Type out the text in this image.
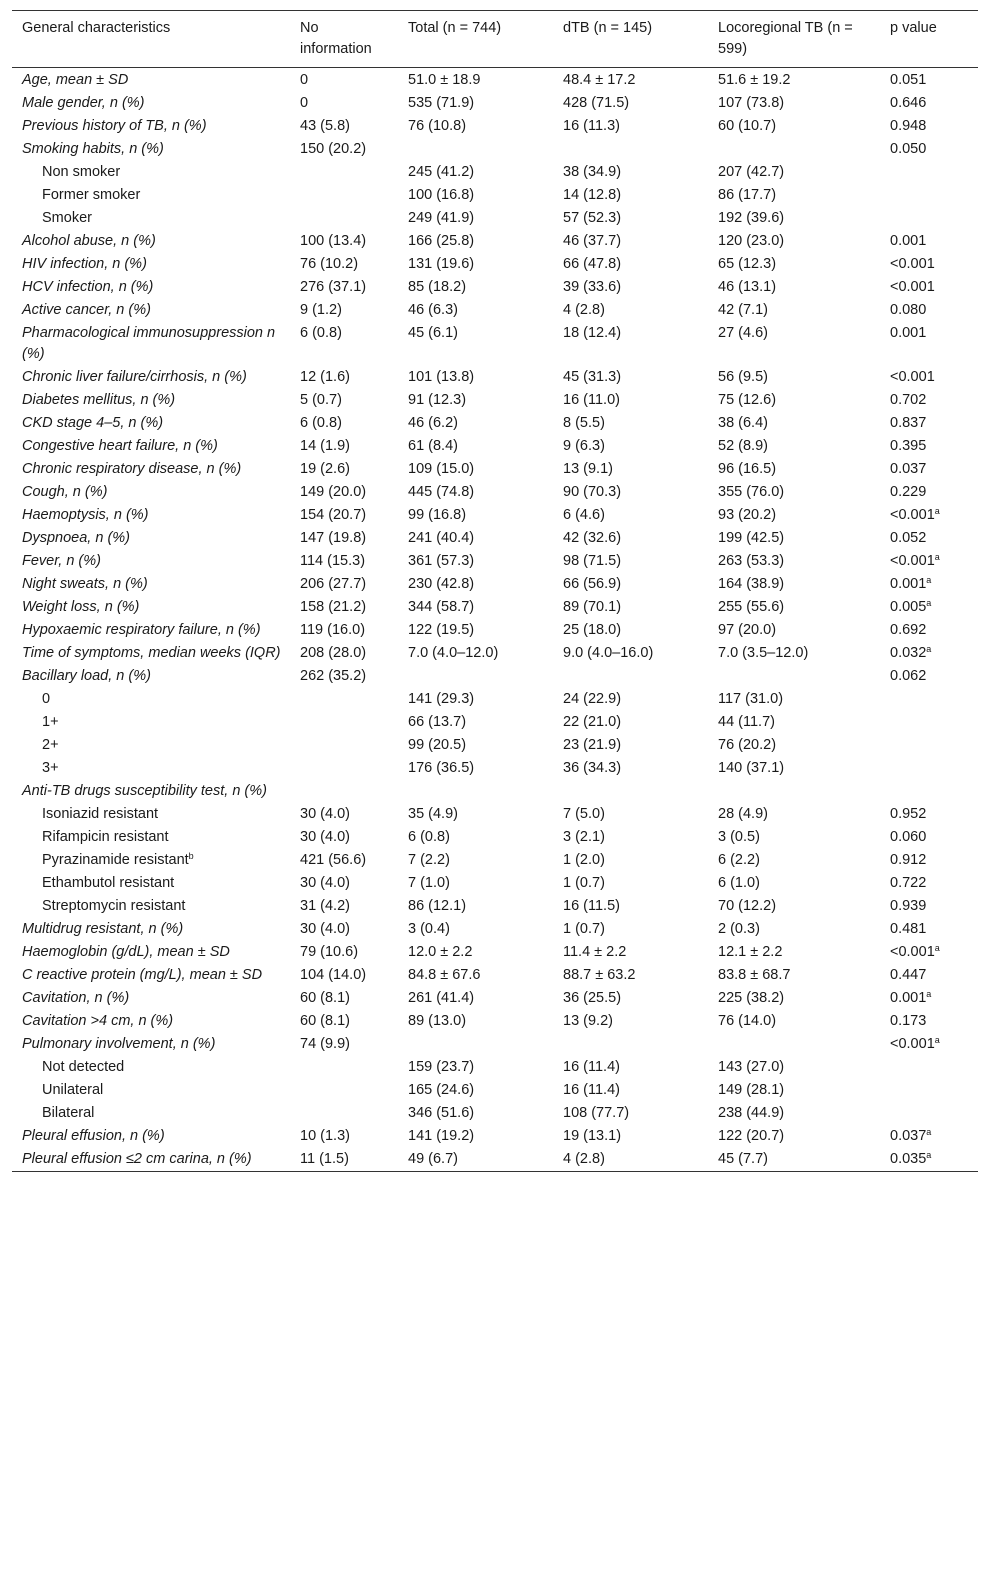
General characteristics	No information	Total (n = 744)	dTB (n = 145)	Locoregional TB (n = 599)	p value
Age, mean ± SD	0	51.0 ± 18.9	48.4 ± 17.2	51.6 ± 19.2	0.051
Male gender, n (%)	0	535 (71.9)	428 (71.5)	107 (73.8)	0.646
Previous history of TB, n (%)	43 (5.8)	76 (10.8)	16 (11.3)	60 (10.7)	0.948
Smoking habits, n (%)	150 (20.2)				0.050
Non smoker		245 (41.2)	38 (34.9)	207 (42.7)	
Former smoker		100 (16.8)	14 (12.8)	86 (17.7)	
Smoker		249 (41.9)	57 (52.3)	192 (39.6)	
Alcohol abuse, n (%)	100 (13.4)	166 (25.8)	46 (37.7)	120 (23.0)	0.001
HIV infection, n (%)	76 (10.2)	131 (19.6)	66 (47.8)	65 (12.3)	<0.001
HCV infection, n (%)	276 (37.1)	85 (18.2)	39 (33.6)	46 (13.1)	<0.001
Active cancer, n (%)	9 (1.2)	46 (6.3)	4 (2.8)	42 (7.1)	0.080
Pharmacological immunosuppression n (%)	6 (0.8)	45 (6.1)	18 (12.4)	27 (4.6)	0.001
Chronic liver failure/cirrhosis, n (%)	12 (1.6)	101 (13.8)	45 (31.3)	56 (9.5)	<0.001
Diabetes mellitus, n (%)	5 (0.7)	91 (12.3)	16 (11.0)	75 (12.6)	0.702
CKD stage 4–5, n (%)	6 (0.8)	46 (6.2)	8 (5.5)	38 (6.4)	0.837
Congestive heart failure, n (%)	14 (1.9)	61 (8.4)	9 (6.3)	52 (8.9)	0.395
Chronic respiratory disease, n (%)	19 (2.6)	109 (15.0)	13 (9.1)	96 (16.5)	0.037
Cough, n (%)	149 (20.0)	445 (74.8)	90 (70.3)	355 (76.0)	0.229
Haemoptysis, n (%)	154 (20.7)	99 (16.8)	6 (4.6)	93 (20.2)	<0.001$^a$
Dyspnoea, n (%)	147 (19.8)	241 (40.4)	42 (32.6)	199 (42.5)	0.052
Fever, n (%)	114 (15.3)	361 (57.3)	98 (71.5)	263 (53.3)	<0.001$^a$
Night sweats, n (%)	206 (27.7)	230 (42.8)	66 (56.9)	164 (38.9)	0.001$^a$
Weight loss, n (%)	158 (21.2)	344 (58.7)	89 (70.1)	255 (55.6)	0.005$^a$
Hypoxaemic respiratory failure, n (%)	119 (16.0)	122 (19.5)	25 (18.0)	97 (20.0)	0.692
Time of symptoms, median weeks (IQR)	208 (28.0)	7.0 (4.0–12.0)	9.0 (4.0–16.0)	7.0 (3.5–12.0)	0.032$^a$
Bacillary load, n (%)	262 (35.2)				0.062
0		141 (29.3)	24 (22.9)	117 (31.0)	
1+		66 (13.7)	22 (21.0)	44 (11.7)	
2+		99 (20.5)	23 (21.9)	76 (20.2)	
3+		176 (36.5)	36 (34.3)	140 (37.1)	
Anti-TB drugs susceptibility test, n (%)					
Isoniazid resistant	30 (4.0)	35 (4.9)	7 (5.0)	28 (4.9)	0.952
Rifampicin resistant	30 (4.0)	6 (0.8)	3 (2.1)	3 (0.5)	0.060
Pyrazinamide resistant$^b$	421 (56.6)	7 (2.2)	1 (2.0)	6 (2.2)	0.912
Ethambutol resistant	30 (4.0)	7 (1.0)	1 (0.7)	6 (1.0)	0.722
Streptomycin resistant	31 (4.2)	86 (12.1)	16 (11.5)	70 (12.2)	0.939
Multidrug resistant, n (%)	30 (4.0)	3 (0.4)	1 (0.7)	2 (0.3)	0.481
Haemoglobin (g/dL), mean ± SD	79 (10.6)	12.0 ± 2.2	11.4 ± 2.2	12.1 ± 2.2	<0.001$^a$
C reactive protein (mg/L), mean ± SD	104 (14.0)	84.8 ± 67.6	88.7 ± 63.2	83.8 ± 68.7	0.447
Cavitation, n (%)	60 (8.1)	261 (41.4)	36 (25.5)	225 (38.2)	0.001$^a$
Cavitation >4 cm, n (%)	60 (8.1)	89 (13.0)	13 (9.2)	76 (14.0)	0.173
Pulmonary involvement, n (%)	74 (9.9)				<0.001$^a$
Not detected		159 (23.7)	16 (11.4)	143 (27.0)	
Unilateral		165 (24.6)	16 (11.4)	149 (28.1)	
Bilateral		346 (51.6)	108 (77.7)	238 (44.9)	
Pleural effusion, n (%)	10 (1.3)	141 (19.2)	19 (13.1)	122 (20.7)	0.037$^a$
Pleural effusion ≤2 cm carina, n (%)	11 (1.5)	49 (6.7)	4 (2.8)	45 (7.7)	0.035$^a$
